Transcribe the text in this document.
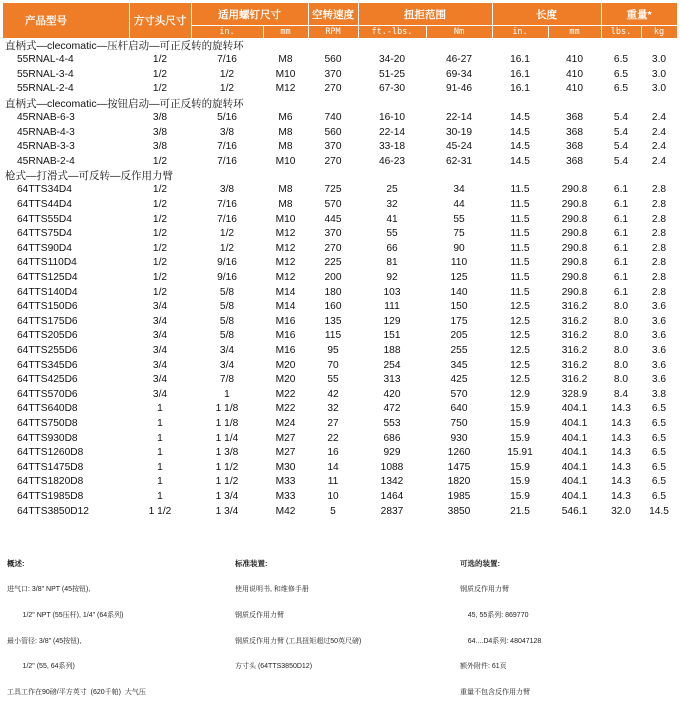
产品型号	方寸头尺寸	适用螺钉尺寸		空转速度	扭拒范围		长度		重量*	
		in.	mm	RPM	ft.-lbs.	Nm	in.	mm	lbs.	kg
直柄式—clecomatic—压杆启动—可正反转的旋转环										
55RNAL-4-4	1/2	7/16	M8	560	34-20	46-27	16.1	410	6.5	3.0
55RNAL-3-4	1/2	1/2	M10	370	51-25	69-34	16.1	410	6.5	3.0
55RNAL-2-4	1/2	1/2	M12	270	67-30	91-46	16.1	410	6.5	3.0
直柄式—clecomatic—按钮启动—可正反转的旋转环										
45RNAB-6-3	3/8	5/16	M6	740	16-10	22-14	14.5	368	5.4	2.4
45RNAB-4-3	3/8	3/8	M8	560	22-14	30-19	14.5	368	5.4	2.4
45RNAB-3-3	3/8	7/16	M8	370	33-18	45-24	14.5	368	5.4	2.4
45RNAB-2-4	1/2	7/16	M10	270	46-23	62-31	14.5	368	5.4	2.4
枪式—打滑式—可反转—反作用力臂										
64TTS34D4	1/2	3/8	M8	725	25	34	11.5	290.8	6.1	2.8
64TTS44D4	1/2	7/16	M8	570	32	44	11.5	290.8	6.1	2.8
64TTS55D4	1/2	7/16	M10	445	41	55	11.5	290.8	6.1	2.8
64TTS75D4	1/2	1/2	M12	370	55	75	11.5	290.8	6.1	2.8
64TTS90D4	1/2	1/2	M12	270	66	90	11.5	290.8	6.1	2.8
64TTS110D4	1/2	9/16	M12	225	81	110	11.5	290.8	6.1	2.8
64TTS125D4	1/2	9/16	M12	200	92	125	11.5	290.8	6.1	2.8
64TTS140D4	1/2	5/8	M14	180	103	140	11.5	290.8	6.1	2.8
64TTS150D6	3/4	5/8	M14	160	111	150	12.5	316.2	8.0	3.6
64TTS175D6	3/4	5/8	M16	135	129	175	12.5	316.2	8.0	3.6
64TTS205D6	3/4	5/8	M16	115	151	205	12.5	316.2	8.0	3.6
64TTS255D6	3/4	3/4	M16	95	188	255	12.5	316.2	8.0	3.6
64TTS345D6	3/4	3/4	M20	70	254	345	12.5	316.2	8.0	3.6
64TTS425D6	3/4	7/8	M20	55	313	425	12.5	316.2	8.0	3.6
64TTS570D6	3/4	1	M22	42	420	570	12.9	328.9	8.4	3.8
64TTS640D8	1	1 1/8	M22	32	472	640	15.9	404.1	14.3	6.5
64TTS750D8	1	1 1/8	M24	27	553	750	15.9	404.1	14.3	6.5
64TTS930D8	1	1 1/4	M27	22	686	930	15.9	404.1	14.3	6.5
64TTS1260D8	1	1 3/8	M27	16	929	1260	15.91	404.1	14.3	6.5
64TTS1475D8	1	1 1/2	M30	14	1088	1475	15.9	404.1	14.3	6.5
64TTS1820D8	1	1 1/2	M33	11	1342	1820	15.9	404.1	14.3	6.5
64TTS1985D8	1	1 3/4	M33	10	1464	1985	15.9	404.1	14.3	6.5
64TTS3850D12	1 1/2	1 3/4	M42	5	2837	3850	21.5	546.1	32.0	14.5

概述:

进气口: 3/8" NPT (45按钮),

1/2" NPT (55压杆), 1/4" (64系列)

最小管径: 3/8" (45按钮),

1/2" (55, 64系列)

工具工作在90磅/平方英寸  (620千帕)  大气压

标准装置:

使用说明书, 和维修手册

钢质反作用力臂

钢质反作用力臂 (工具扭矩超过50英尺磅)

方寸头 (64TTS3850D12)

可选的装置:

钢质反作用力臂

45, 55系列: 869770

64....D4系列: 48047128

额外附件: 61页

重量不包含反作用力臂
